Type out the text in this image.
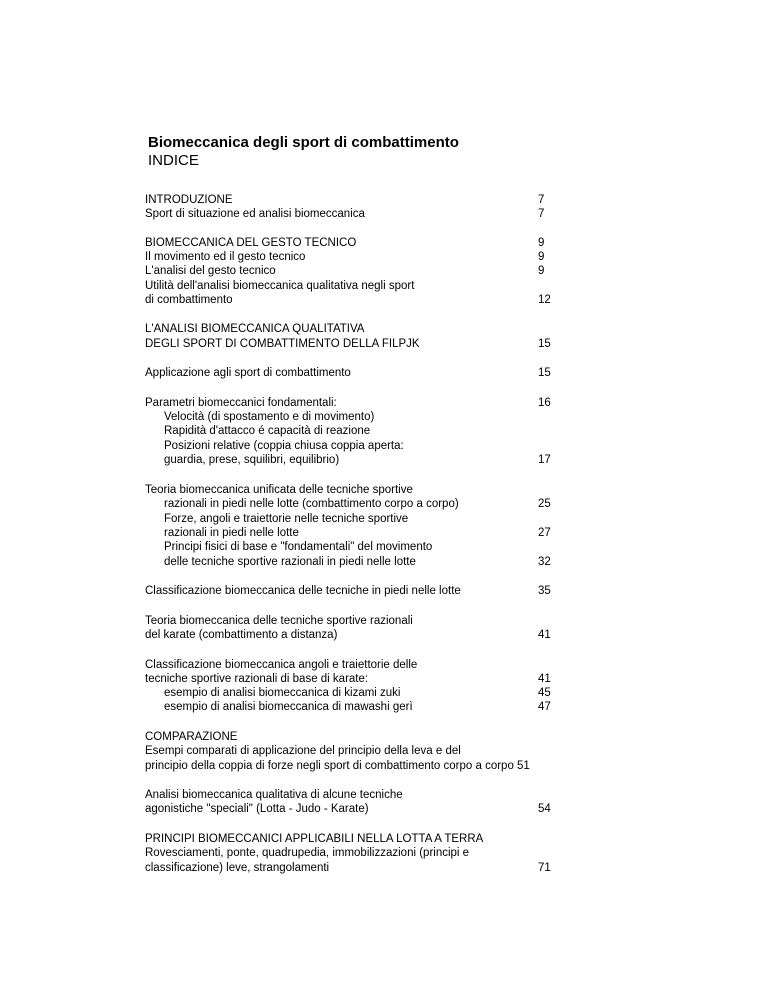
Biomeccanica degli sport di combattimento
INDICE
INTRODUZIONE	7
Sport di situazione ed analisi biomeccanica	7
BIOMECCANICA DEL GESTO TECNICO	9
Il movimento ed il gesto tecnico	9
L'analisi del gesto tecnico	9
Utilità dell'analisi biomeccanica qualitativa negli sport
di combattimento	12
L'ANALISI BIOMECCANICA QUALITATIVA
DEGLI SPORT DI COMBATTIMENTO DELLA FILPJK	15
Applicazione agli sport di combattimento	15
Parametri biomeccanici fondamentali:	16
Velocità (di spostamento e di movimento)
Rapidità d'attacco é capacità di reazione
Posizioni relative (coppia chiusa coppia aperta:
guardia, prese, squilibri, equilibrio)	17
Teoria biomeccanica unificata delle tecniche sportive
razionali in piedi nelle lotte (combattimento corpo a corpo)	25
Forze, angoli e traiettorie nelle tecniche sportive
razionali in piedi nelle lotte	27
Principi fisici di base e "fondamentali" del movimento
delle tecniche sportive razionali in piedi nelle lotte	32
Classificazione biomeccanica delle tecniche in piedi nelle lotte	35
Teoria biomeccanica delle tecniche sportive razionali
del karate (combattimento a distanza)	41
Classificazione biomeccanica angoli e traiettorie delle
tecniche sportive razionali di base di karate:	41
esempio di analisi biomeccanica di kizami zuki	45
esempio di analisi biomeccanica di mawashi gerì	47
COMPARAZIONE
Esempi comparati di applicazione del principio della leva e del
principio della coppia di forze negli sport di combattimento corpo a corpo 51
Analisi biomeccanica qualitativa di alcune tecniche
agonistiche "speciali" (Lotta - Judo - Karate)	54
PRINCIPI BIOMECCANICI APPLICABILI NELLA LOTTA A TERRA
Rovesciamenti, ponte, quadrupedia, immobilizzazioni (principi e
classificazione) leve, strangolamenti	71
